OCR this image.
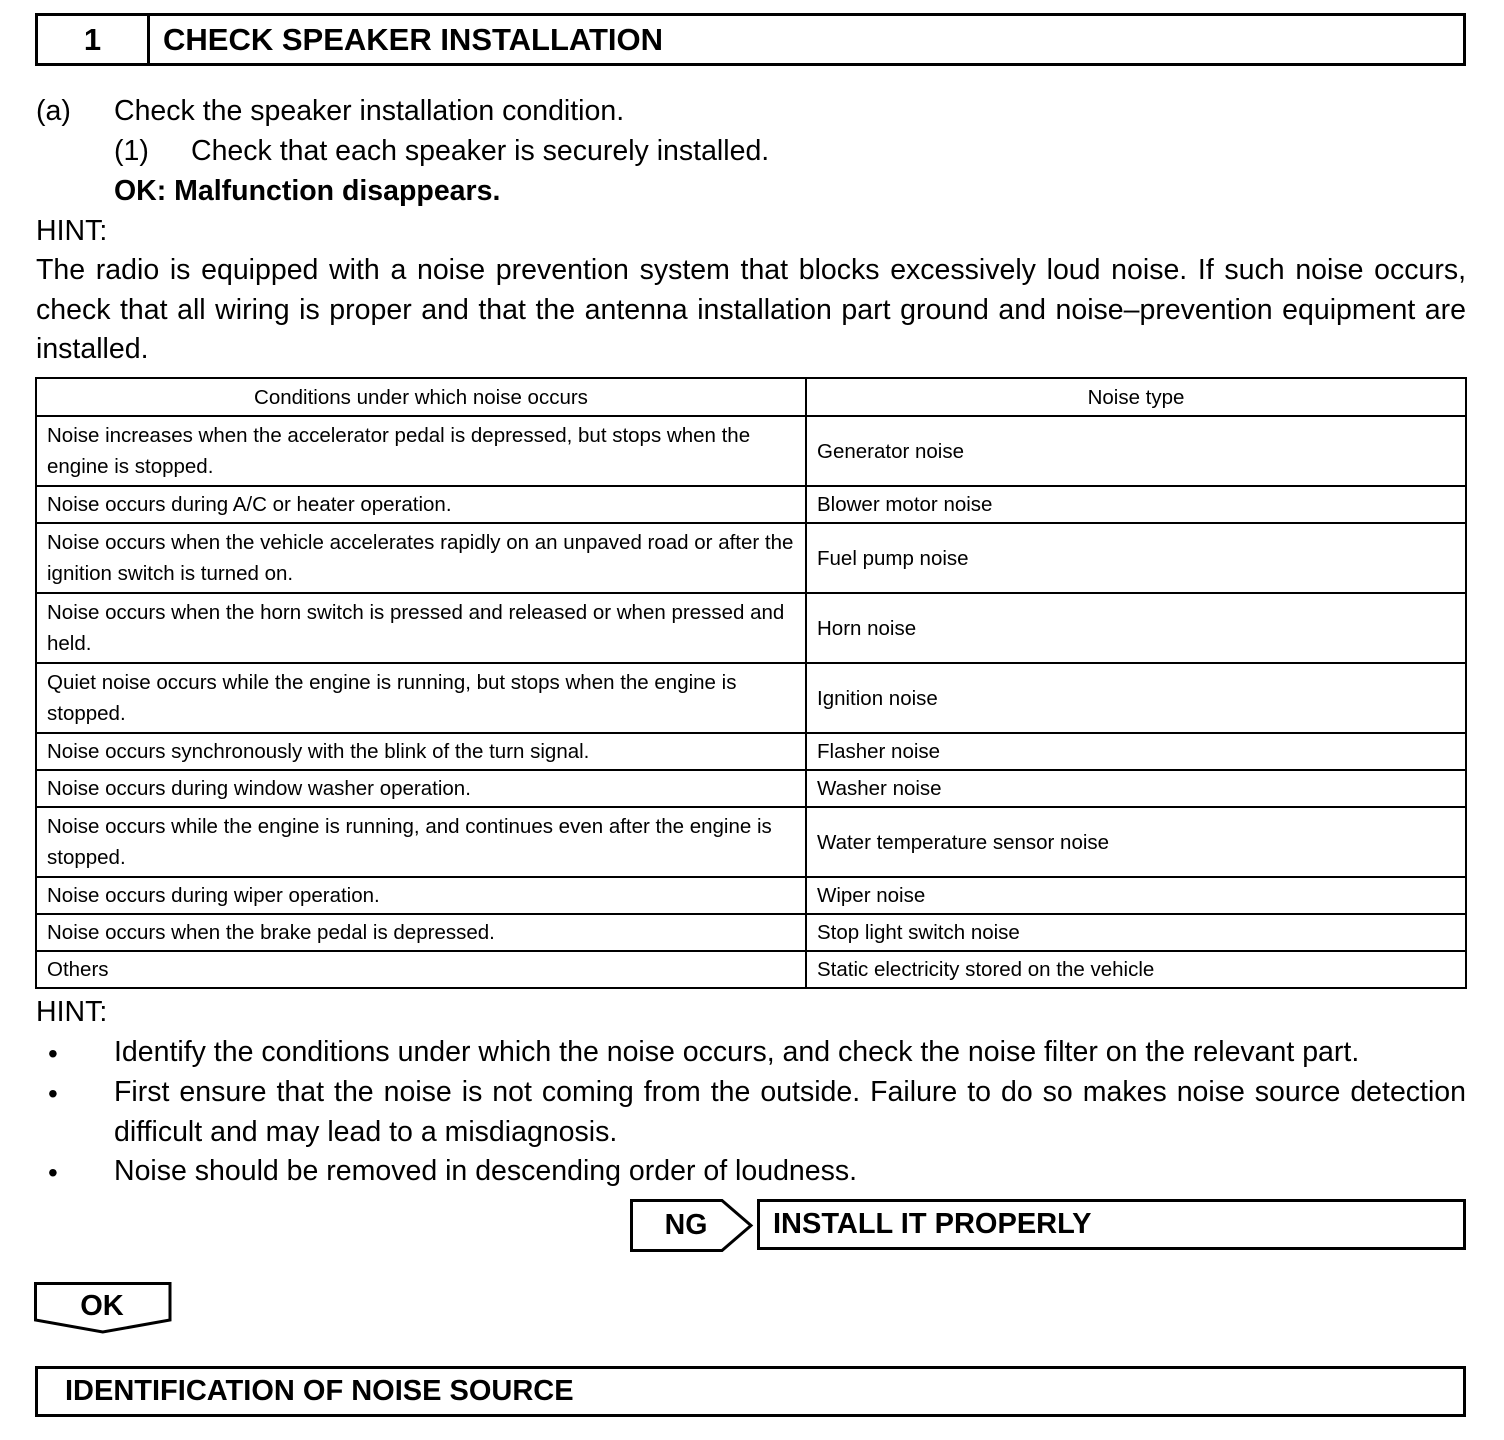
1	CHECK SPEAKER INSTALLATION
(a) Check the speaker installation condition.
(1) Check that each speaker is securely installed.
OK: Malfunction disappears.
HINT:
The radio is equipped with a noise prevention system that blocks excessively loud noise. If such noise occurs, check that all wiring is proper and that the antenna installation part ground and noise–prevention equipment are installed.
Conditions under which noise occurs	Noise type
Noise increases when the accelerator pedal is depressed, but stops when the engine is stopped.	Generator noise
Noise occurs during A/C or heater operation.	Blower motor noise
Noise occurs when the vehicle accelerates rapidly on an unpaved road or after the ignition switch is turned on.	Fuel pump noise
Noise occurs when the horn switch is pressed and released or when pressed and held.	Horn noise
Quiet noise occurs while the engine is running, but stops when the engine is stopped.	Ignition noise
Noise occurs synchronously with the blink of the turn signal.	Flasher noise
Noise occurs during window washer operation.	Washer noise
Noise occurs while the engine is running, and continues even after the engine is stopped.	Water temperature sensor noise
Noise occurs during wiper operation.	Wiper noise
Noise occurs when the brake pedal is depressed.	Stop light switch noise
Others	Static electricity stored on the vehicle
HINT:
• Identify the conditions under which the noise occurs, and check the noise filter on the relevant part.
• First ensure that the noise is not coming from the outside. Failure to do so makes noise source detection difficult and may lead to a misdiagnosis.
• Noise should be removed in descending order of loudness.
NG	INSTALL IT PROPERLY
OK
IDENTIFICATION OF NOISE SOURCE
